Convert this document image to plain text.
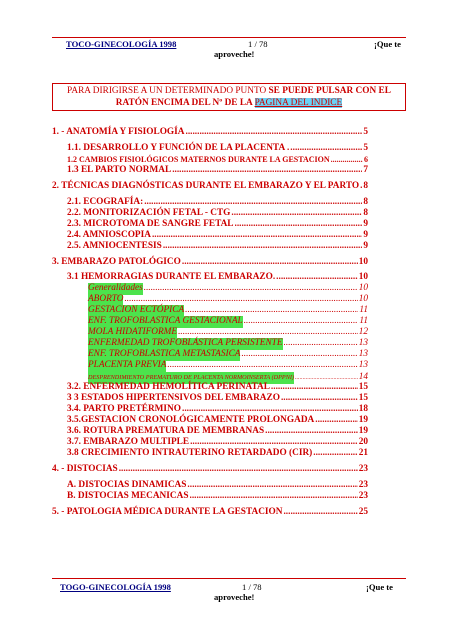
TOCO-GINECOLOGÍA 1998	1 / 78	¡Que te
aproveche!
PARA DIRIGIRSE A UN DETERMINADO PUNTO SE PUEDE PULSAR CON EL RATÓN ENCIMA DEL Nº DE LA PAGINA DEL INDICE
1. - ANATOMÍA Y FISIOLOGÍA .....	5
1.1. DESARROLLO Y FUNCIÓN DE LA PLACENTA . .....	5
1.2 CAMBIOS FISIOLÓGICOS MATERNOS DURANTE LA GESTACION .....	6
1.3 EL PARTO NORMAL .....	7
2. TÉCNICAS DIAGNÓSTICAS DURANTE EL EMBARAZO Y EL PARTO ..... 8
2.1. ECOGRAFÍA: .....	8
2.2. MONITORIZACIÓN FETAL - CTG .....	8
2.3. MICROTOMA DE SANGRE FETAL .....	9
2.4. AMNIOSCOPIA .....	9
2.5. AMNIOCENTESIS .....	9
3. EMBARAZO PATOLÓGICO .....	10
3.1 HEMORRAGIAS DURANTE EL EMBARAZO. .....	10
Generalidades .....	10
ABORTO .....	10
GESTACION ECTÓPICA .....	11
ENF. TROFOBLASTICA GESTACIONAL .....	11
MOLA HIDATIFORME .....	12
ENFERMEDAD TROFOBLÁSTICA PERSISTENTE .....	13
ENF. TROFOBLASTICA METASTASICA .....	13
PLACENTA PREVIA .....	13
DESPRENDIMIENTO PREMATURO DE PLACENTA NORMOINSERTA (DPPNI) .....	14
3.2. ENFERMEDAD HEMOLÍTICA PERINATAL .....	15
3 3 ESTADOS HIPERTENSIVOS DEL EMBARAZO .....	15
3.4. PARTO PRETÉRMINO .....	18
3.5.GESTACION CRONOLÓGICAMENTE PROLONGADA .....	19
3.6. ROTURA PREMATURA DE MEMBRANAS .....	19
3.7. EMBARAZO MULTIPLE .....	20
3.8 CRECIMIENTO INTRAUTERINO RETARDADO (CIR) .....	21
4. - DISTOCIAS .....	23
A. DISTOCIAS DINAMICAS .....	23
B. DISTOCIAS MECANICAS .....	23
5. - PATOLOGIA MÉDICA DURANTE LA GESTACION .....	25
TOGO-GINECOLOGÍA 1998	1 / 78	¡Que te
aproveche!
